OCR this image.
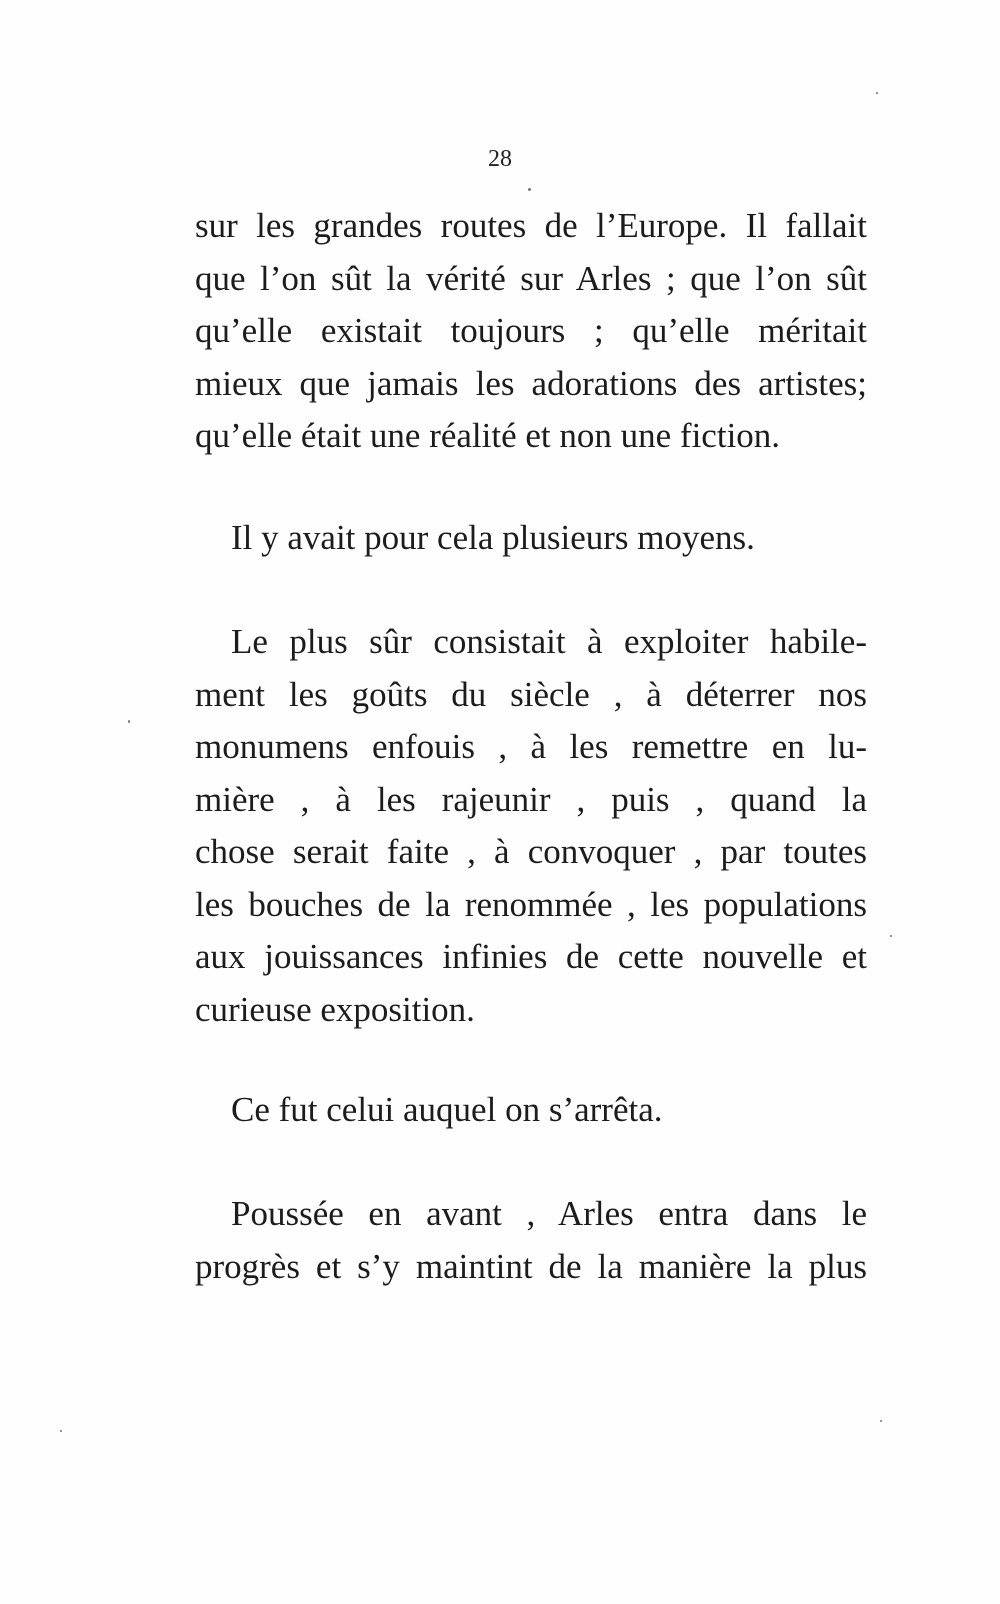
28
sur les grandes routes de l’Europe. Il fallait
que l’on sût la vérité sur Arles ; que l’on sût
qu’elle existait toujours ; qu’elle méritait
mieux que jamais les adorations des artistes;
qu’elle était une réalité et non une fiction.
Il y avait pour cela plusieurs moyens.
Le plus sûr consistait à exploiter habile-
ment les goûts du siècle , à déterrer nos
monumens enfouis , à les remettre en lu-
mière , à les rajeunir , puis , quand la
chose serait faite , à convoquer , par toutes
les bouches de la renommée , les populations
aux jouissances infinies de cette nouvelle et
curieuse exposition.
Ce fut celui auquel on s’arrêta.
Poussée en avant , Arles entra dans le
progrès et s’y maintint de la manière la plus
